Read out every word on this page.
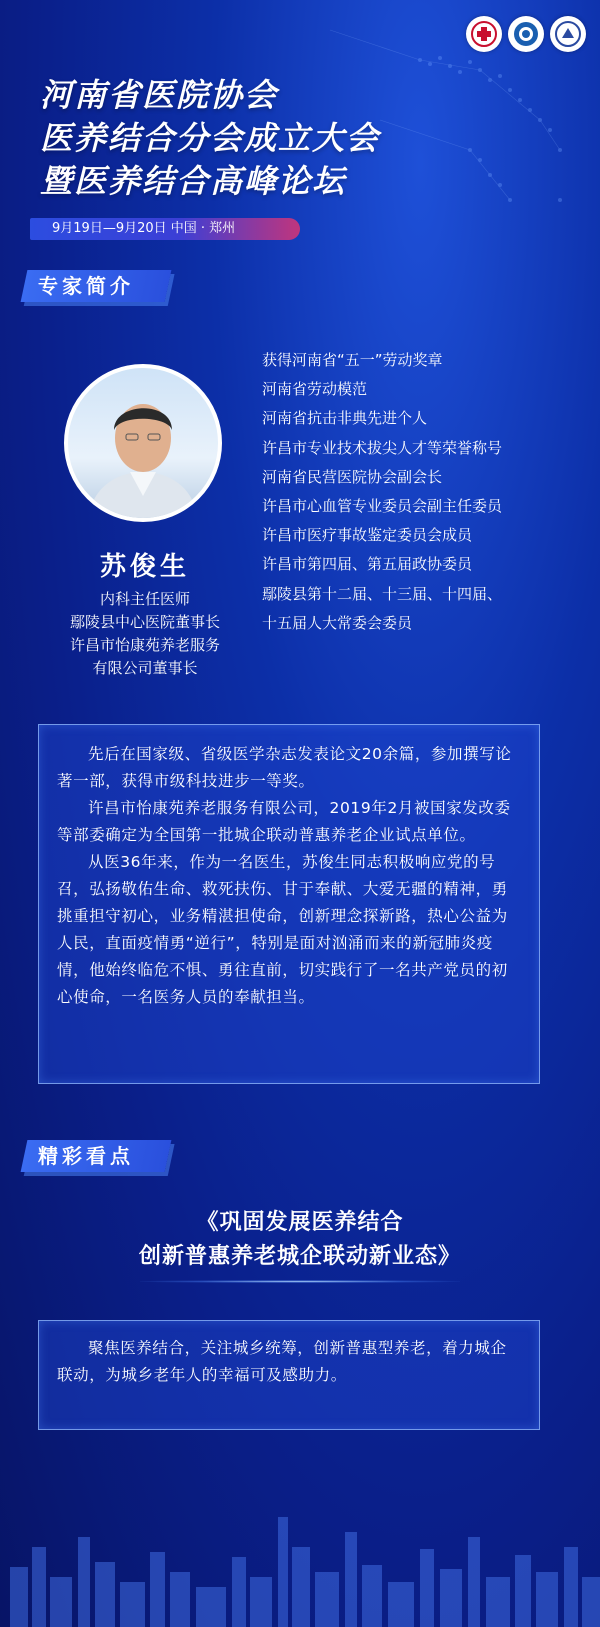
河南省医院协会
医养结合分会成立大会
暨医养结合高峰论坛
9月19日—9月20日 中国 · 郑州
专家简介
苏俊生
内科主任医师
鄢陵县中心医院董事长
许昌市怡康苑养老服务
有限公司董事长
获得河南省“五一”劳动奖章
河南省劳动模范
河南省抗击非典先进个人
许昌市专业技术拔尖人才等荣誉称号
河南省民营医院协会副会长
许昌市心血管专业委员会副主任委员
许昌市医疗事故鉴定委员会成员
许昌市第四届、第五届政协委员
鄢陵县第十二届、十三届、十四届、
十五届人大常委会委员

先后在国家级、省级医学杂志发表论文20余篇，参加撰写论著一部，获得市级科技进步一等奖。

许昌市怡康苑养老服务有限公司，2019年2月被国家发改委等部委确定为全国第一批城企联动普惠养老企业试点单位。

从医36年来，作为一名医生，苏俊生同志积极响应党的号召，弘扬敬佑生命、救死扶伤、甘于奉献、大爱无疆的精神，勇挑重担守初心，业务精湛担使命，创新理念探新路，热心公益为人民，直面疫情勇“逆行”，特别是面对汹涌而来的新冠肺炎疫情，他始终临危不惧、勇往直前，切实践行了一名共产党员的初心使命，一名医务人员的奉献担当。

精彩看点
《巩固发展医养结合
创新普惠养老城企联动新业态》

聚焦医养结合，关注城乡统筹，创新普惠型养老，着力城企联动，为城乡老年人的幸福可及感助力。
